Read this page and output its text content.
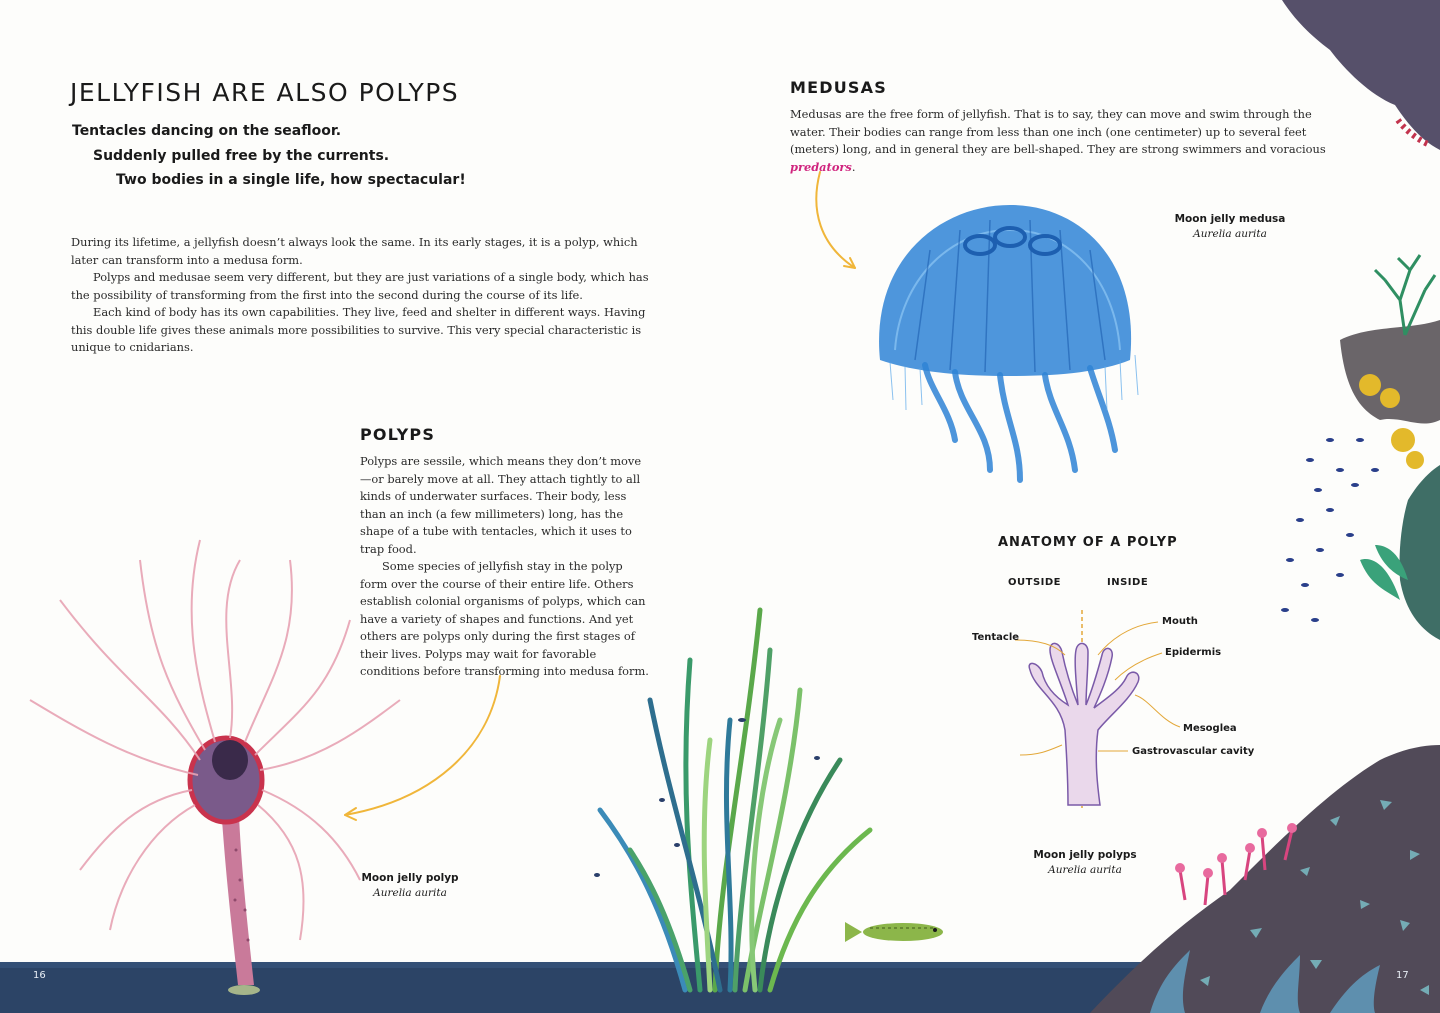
JELLYFISH ARE ALSO POLYPS
Tentacles dancing on the seafloor.
Suddenly pulled free by the currents.
Two bodies in a single life, how spectacular!

During its lifetime, a jellyfish doesn’t always look the same. In its early stages, it is a polyp, which later can transform into a medusa form.

Polyps and medusae seem very different, but they are just variations of a single body, which has the possibility of transforming from the first into the second during the course of its life.

Each kind of body has its own capabilities. They live, feed and shelter in different ways. Having this double life gives these animals more possibilities to survive. This very special characteristic is unique to cnidarians.

POLYPS

Polyps are sessile, which means they don’t move—or barely move at all. They attach tightly to all kinds of underwater surfaces. Their body, less than an inch (a few millimeters) long, has the shape of a tube with tentacles, which it uses to trap food.

Some species of jellyfish stay in the polyp form over the course of their entire life. Others establish colonial organisms of polyps, which can have a variety of shapes and functions. And yet others are polyps only during the first stages of their lives. Polyps may wait for favorable conditions before transforming into medusa form.

MEDUSAS
Medusas are the free form of jellyfish. That is to say, they can move and swim through the water. Their bodies can range from less than one inch (one centimeter) up to several feet (meters) long, and in general they are bell-shaped. They are strong swimmers and voracious predators.
Moon jelly medusa
Aurelia aurita
Moon jelly polyp
Aurelia aurita
Moon jelly polyps
Aurelia aurita
ANATOMY OF A POLYP
OUTSIDE	INSIDE
Tentacle
Mouth
Epidermis
Mesoglea
Gastrovascular cavity
16	17
